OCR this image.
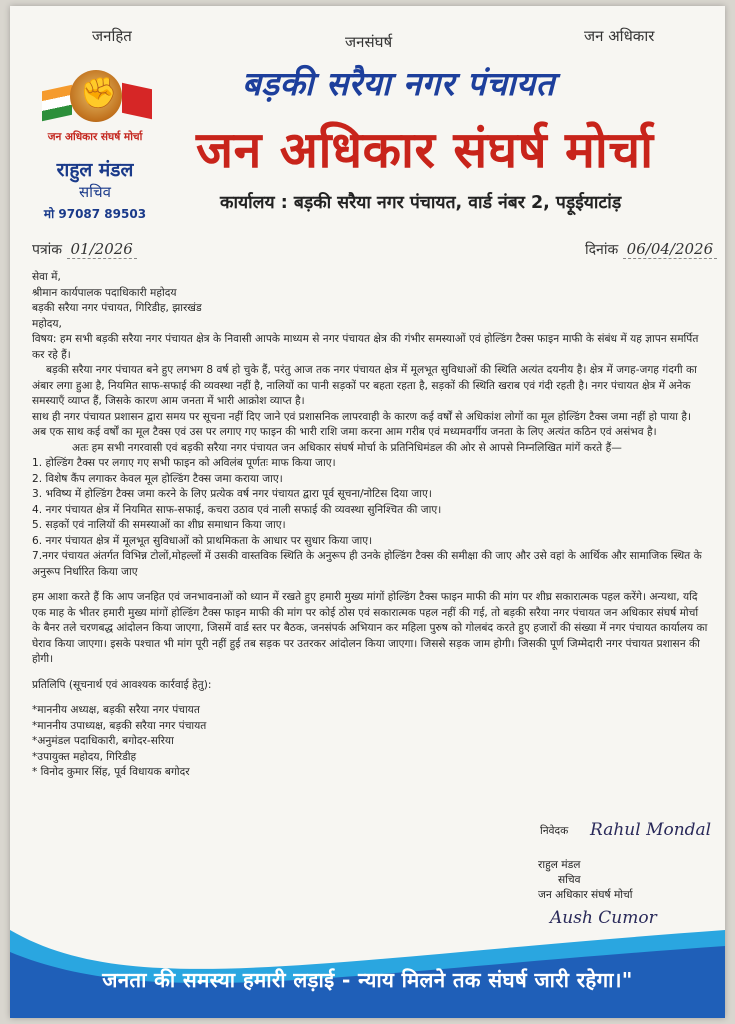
जनहित	जनसंघर्ष	जन अधिकार
✊
जन अधिकार संघर्ष मोर्चा
राहुल मंडल
सचिव
मो 97087 89503
बड़की सरैया नगर पंचायत
जन अधिकार संघर्ष मोर्चा
कार्यालय : बड़की सरैया नगर पंचायत, वार्ड नंबर 2, पड़ूईयाटांड़
पत्रांक 01/2026	दिनांक 06/04/2026

सेवा में,

श्रीमान कार्यपालक पदाधिकारी महोदय

बड़की सरैया नगर पंचायत, गिरिडीह, झारखंड

महोदय,

विषय: हम सभी बड़की सरैया नगर पंचायत क्षेत्र के निवासी आपके माध्यम से नगर पंचायत क्षेत्र की गंभीर समस्याओं एवं होल्डिंग टैक्स फाइन माफी के संबंध में यह ज्ञापन समर्पित कर रहे हैं।

बड़की सरैया नगर पंचायत बने हुए लगभग 8 वर्ष हो चुके हैं, परंतु आज तक नगर पंचायत क्षेत्र में मूलभूत सुविधाओं की स्थिति अत्यंत दयनीय है। क्षेत्र में जगह-जगह गंदगी का अंबार लगा हुआ है, नियमित साफ-सफाई की व्यवस्था नहीं है, नालियों का पानी सड़कों पर बहता रहता है, सड़कों की स्थिति खराब एवं गंदी रहती है। नगर पंचायत क्षेत्र में अनेक समस्याएँ व्याप्त हैं, जिसके कारण आम जनता में भारी आक्रोश व्याप्त है।

साथ ही नगर पंचायत प्रशासन द्वारा समय पर सूचना नहीं दिए जाने एवं प्रशासनिक लापरवाही के कारण कई वर्षों से अधिकांश लोगों का मूल होल्डिंग टैक्स जमा नहीं हो पाया है। अब एक साथ कई वर्षों का मूल टैक्स एवं उस पर लगाए गए फाइन की भारी राशि जमा करना आम गरीब एवं मध्यमवर्गीय जनता के लिए अत्यंत कठिन एवं असंभव है।

अतः हम सभी नगरवासी एवं बड़की सरैया नगर पंचायत जन अधिकार संघर्ष मोर्चा के प्रतिनिधिमंडल की ओर से आपसे निम्नलिखित मांगें करते हैं—

1. होल्डिंग टैक्स पर लगाए गए सभी फाइन को अविलंब पूर्णतः माफ किया जाए।
2. विशेष कैंप लगाकर केवल मूल होल्डिंग टैक्स जमा कराया जाए।
3. भविष्य में होल्डिंग टैक्स जमा करने के लिए प्रत्येक वर्ष नगर पंचायत द्वारा पूर्व सूचना/नोटिस दिया जाए।
4. नगर पंचायत क्षेत्र में नियमित साफ-सफाई, कचरा उठाव एवं नाली सफाई की व्यवस्था सुनिश्चित की जाए।
5. सड़कों एवं नालियों की समस्याओं का शीघ्र समाधान किया जाए।
6. नगर पंचायत क्षेत्र में मूलभूत सुविधाओं को प्राथमिकता के आधार पर सुधार किया जाए।
7.नगर पंचायत अंतर्गत विभिन्न टोलों,मोहल्लों में उसकी वास्तविक स्थिति के अनुरूप ही उनके होल्डिंग टैक्स की समीक्षा की जाए और उसे वहां के आर्थिक और सामाजिक स्थित के अनुरूप निर्धारित किया जाए

हम आशा करते हैं कि आप जनहित एवं जनभावनाओं को ध्यान में रखते हुए हमारी मुख्य मांगों होल्डिंग टैक्स फाइन माफी की मांग पर शीघ्र सकारात्मक पहल करेंगे। अन्यथा, यदि एक माह के भीतर हमारी मुख्य मांगों होल्डिंग टैक्स फाइन माफी की मांग पर कोई ठोस एवं सकारात्मक पहल नहीं की गई, तो बड़की सरैया नगर पंचायत जन अधिकार संघर्ष मोर्चा के बैनर तले चरणबद्ध आंदोलन किया जाएगा, जिसमें वार्ड स्तर पर बैठक, जनसंपर्क अभियान कर महिला पुरुष को गोलबंद करते हुए हजारों की संख्या में नगर पंचायत कार्यालय का घेराव किया जाएगा। इसके पश्चात भी मांग पूरी नहीं हुई तब सड़क पर उतरकर आंदोलन किया जाएगा। जिससे सड़क जाम होगी। जिसकी पूर्ण जिम्मेदारी नगर पंचायत प्रशासन की होगी।

प्रतिलिपि (सूचनार्थ एवं आवश्यक कार्रवाई हेतु):

*माननीय अध्यक्ष, बड़की सरैया नगर पंचायत

*माननीय उपाध्यक्ष, बड़की सरैया नगर पंचायत

*अनुमंडल पदाधिकारी, बगोदर-सरिया

*उपायुक्त महोदय, गिरिडीह

* विनोद कुमार सिंह, पूर्व विधायक बगोदर

निवेदक Rahul Mondal
राहुल मंडल
सचिव
जन अधिकार संघर्ष मोर्चा
जनता की समस्या हमारी लड़ाई - न्याय मिलने तक संघर्ष जारी रहेगा।"
Aush Cumor
